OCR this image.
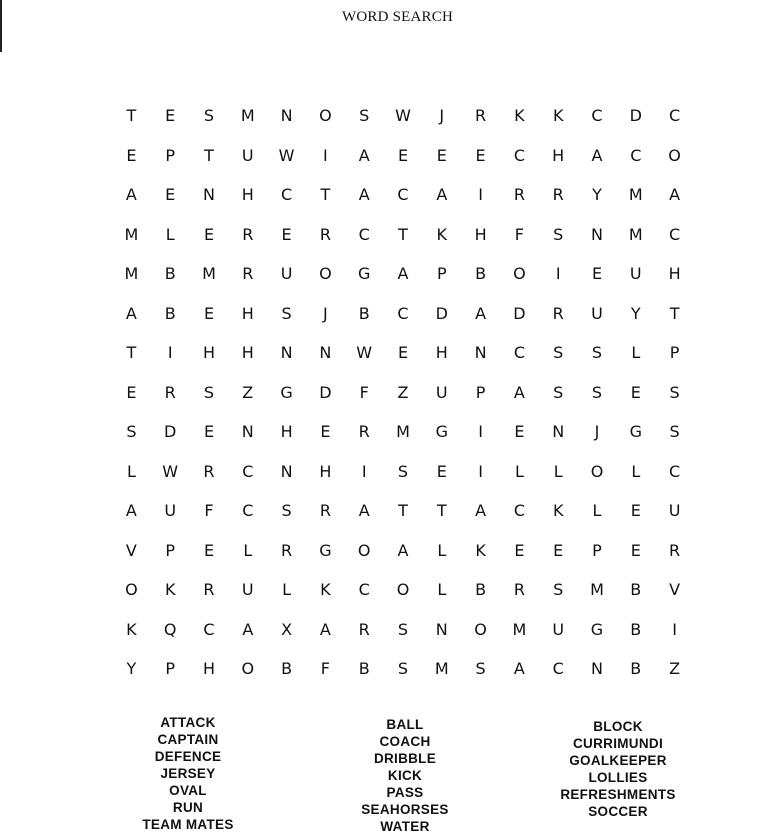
WORD SEARCH
T	E	S	M	N	O	S	W	J	R	K	K	C	D	C
E	P	T	U	W	I	A	E	E	E	C	H	A	C	O
A	E	N	H	C	T	A	C	A	I	R	R	Y	M	A
M	L	E	R	E	R	C	T	K	H	F	S	N	M	C
M	B	M	R	U	O	G	A	P	B	O	I	E	U	H
A	B	E	H	S	J	B	C	D	A	D	R	U	Y	T
T	I	H	H	N	N	W	E	H	N	C	S	S	L	P
E	R	S	Z	G	D	F	Z	U	P	A	S	S	E	S
S	D	E	N	H	E	R	M	G	I	E	N	J	G	S
L	W	R	C	N	H	I	S	E	I	L	L	O	L	C
A	U	F	C	S	R	A	T	T	A	C	K	L	E	U
V	P	E	L	R	G	O	A	L	K	E	E	P	E	R
O	K	R	U	L	K	C	O	L	B	R	S	M	B	V
K	Q	C	A	X	A	R	S	N	O	M	U	G	B	I
Y	P	H	O	B	F	B	S	M	S	A	C	N	B	Z
ATTACK
CAPTAIN
DEFENCE
JERSEY
OVAL
RUN
TEAM MATES
BALL
COACH
DRIBBLE
KICK
PASS
SEAHORSES
WATER
BLOCK
CURRIMUNDI
GOALKEEPER
LOLLIES
REFRESHMENTS
SOCCER
